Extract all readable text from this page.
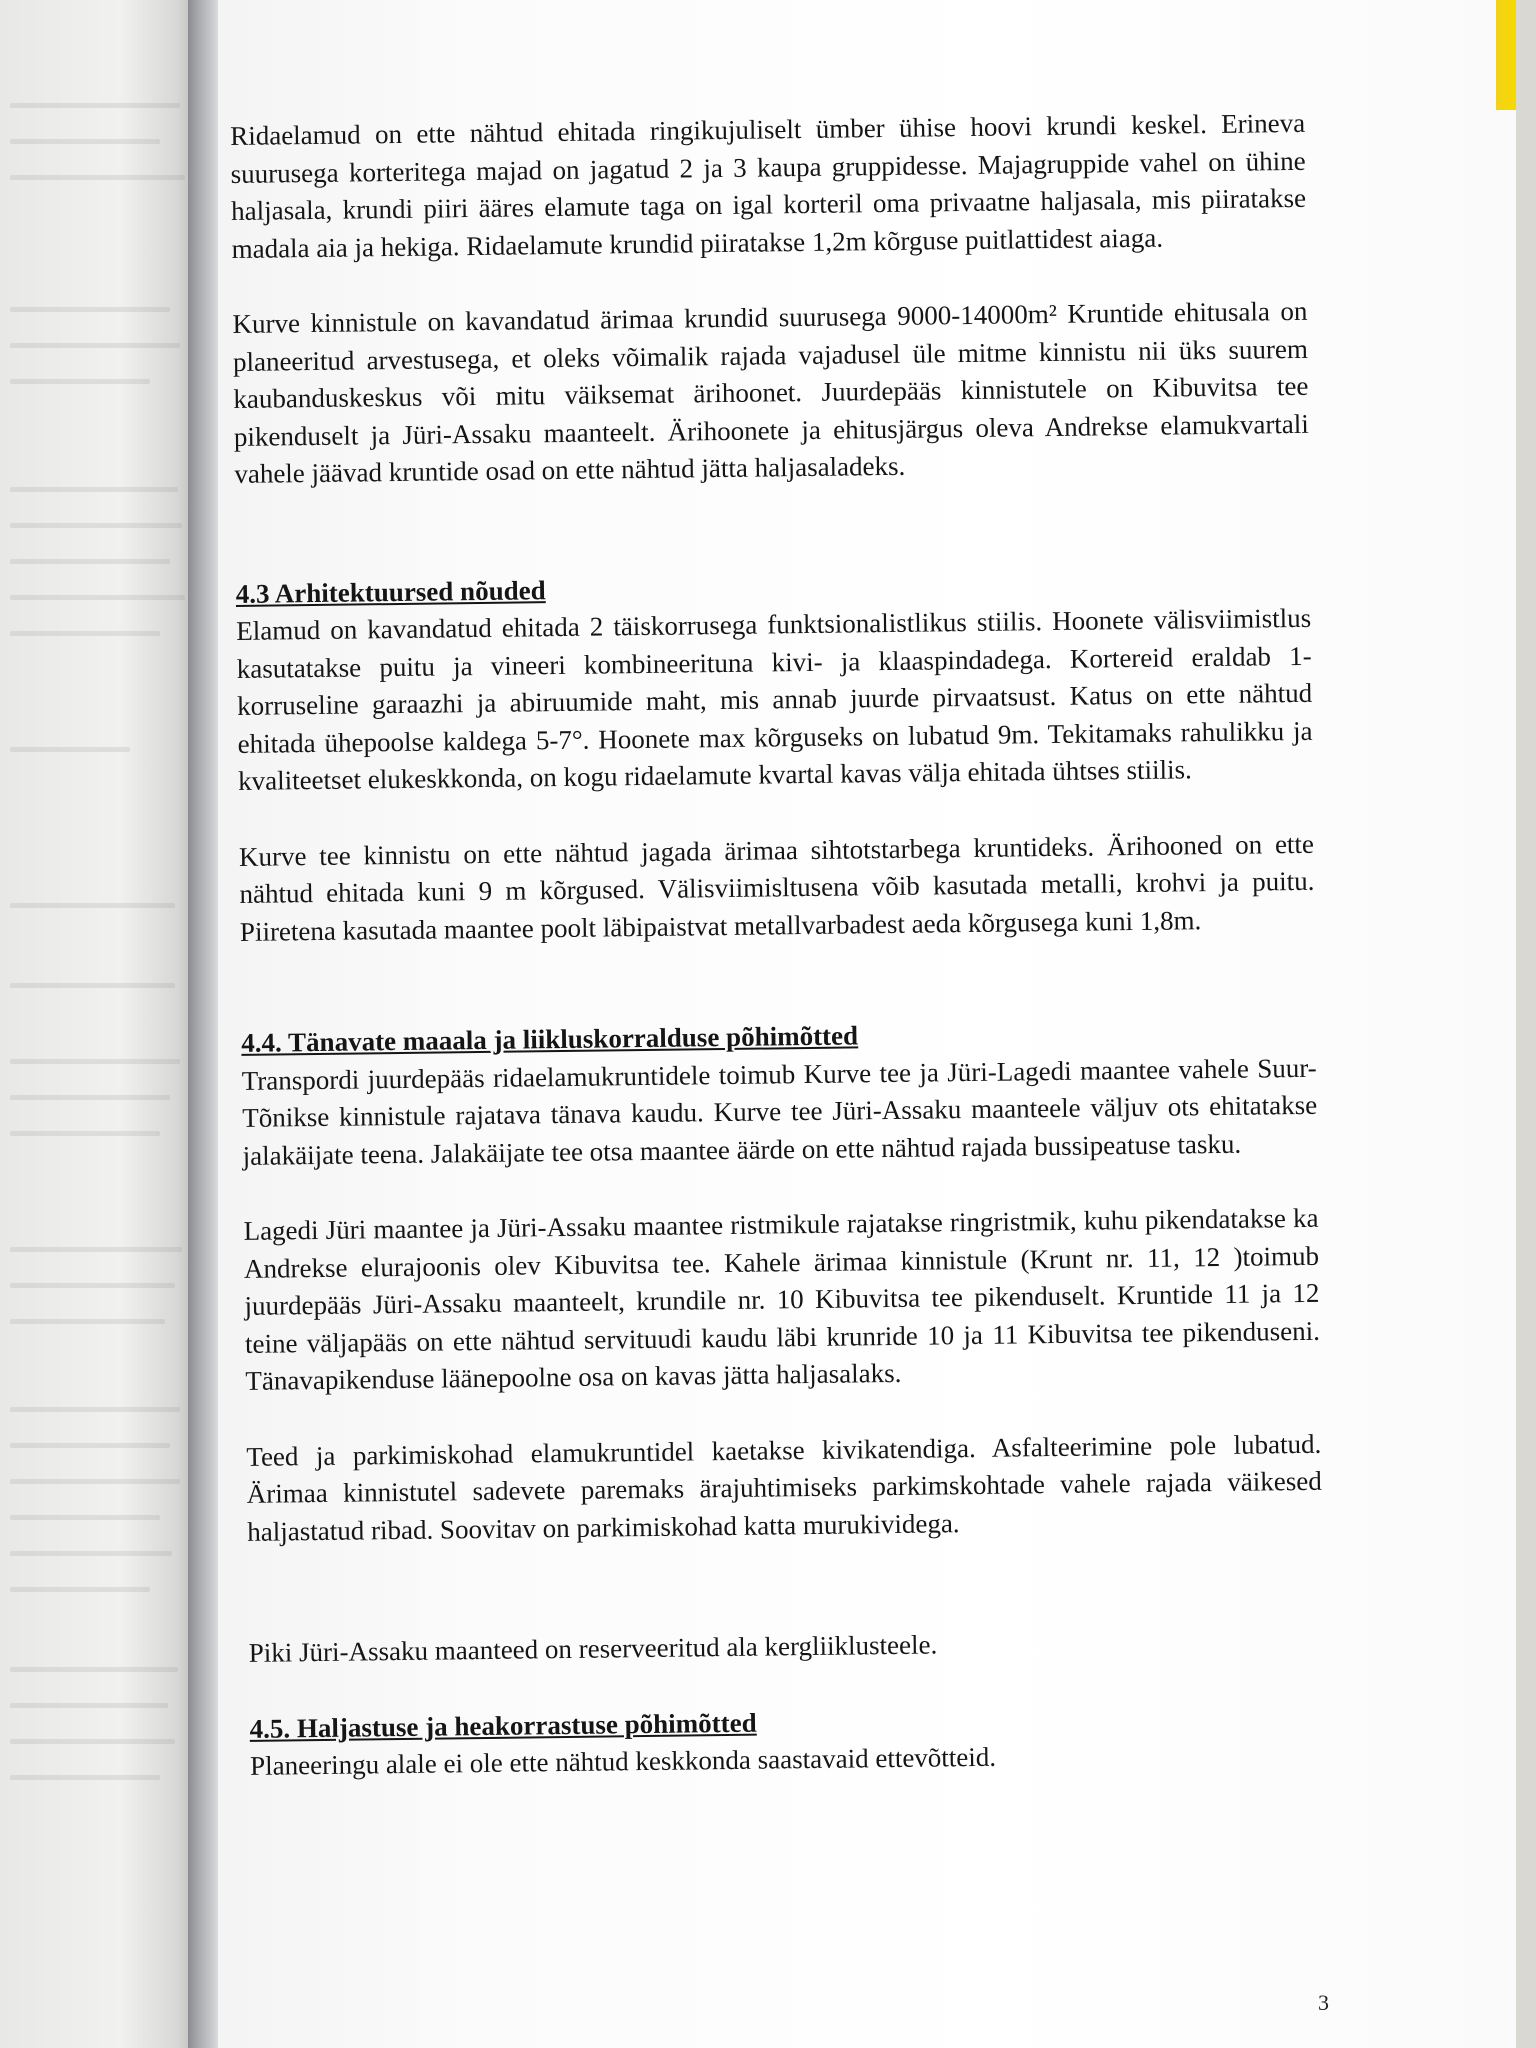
Ridaelamud on ette nähtud ehitada ringikujuliselt ümber ühise hoovi krundi keskel. Erineva suurusega korteritega majad on jagatud 2 ja 3 kaupa gruppidesse. Majagruppide vahel on ühine haljasala, krundi piiri ääres elamute taga on igal korteril oma privaatne haljasala, mis piiratakse madala aia ja hekiga. Ridaelamute krundid piiratakse 1,2m kõrguse puitlattidest aiaga.

Kurve kinnistule on kavandatud ärimaa krundid suurusega 9000-14000m² Kruntide ehitusala on planeeritud arvestusega, et oleks võimalik rajada vajadusel üle mitme kinnistu nii üks suurem kaubanduskeskus või mitu väiksemat ärihoonet. Juurdepääs kinnistutele on Kibuvitsa tee pikenduselt ja Jüri-Assaku maanteelt. Ärihoonete ja ehitusjärgus oleva Andrekse elamukvartali vahele jäävad kruntide osad on ette nähtud jätta haljasaladeks.

4.3 Arhitektuursed nõuded

Elamud on kavandatud ehitada 2 täiskorrusega funktsionalistlikus stiilis. Hoonete välisviimistlus kasutatakse puitu ja vineeri kombineerituna kivi- ja klaaspindadega. Kortereid eraldab 1-korruseline garaazhi ja abiruumide maht, mis annab juurde pirvaatsust. Katus on ette nähtud ehitada ühepoolse kaldega 5-7°. Hoonete max kõrguseks on lubatud 9m. Tekitamaks rahulikku ja kvaliteetset elukeskkonda, on kogu ridaelamute kvartal kavas välja ehitada ühtses stiilis.

Kurve tee kinnistu on ette nähtud jagada ärimaa sihtotstarbega kruntideks. Ärihooned on ette nähtud ehitada kuni 9 m kõrgused. Välisviimisltusena võib kasutada metalli, krohvi ja puitu. Piiretena kasutada maantee poolt läbipaistvat metallvarbadest aeda kõrgusega kuni 1,8m.

4.4. Tänavate maaala ja liikluskorralduse põhimõtted

Transpordi juurdepääs ridaelamukruntidele toimub Kurve tee ja Jüri-Lagedi maantee vahele Suur-Tõnikse kinnistule rajatava tänava kaudu. Kurve tee Jüri-Assaku maanteele väljuv ots ehitatakse jalakäijate teena. Jalakäijate tee otsa maantee äärde on ette nähtud rajada bussipeatuse tasku.

Lagedi Jüri maantee ja Jüri-Assaku maantee ristmikule rajatakse ringristmik, kuhu pikendatakse ka Andrekse elurajoonis olev Kibuvitsa tee. Kahele ärimaa kinnistule (Krunt nr. 11, 12 )toimub juurdepääs Jüri-Assaku maanteelt, krundile nr. 10 Kibuvitsa tee pikenduselt. Kruntide 11 ja 12 teine väljapääs on ette nähtud servituudi kaudu läbi krunride 10 ja 11 Kibuvitsa tee pikenduseni. Tänavapikenduse läänepoolne osa on kavas jätta haljasalaks.

Teed ja parkimiskohad elamukruntidel kaetakse kivikatendiga. Asfalteerimine pole lubatud. Ärimaa kinnistutel sadevete paremaks ärajuhtimiseks parkimskohtade vahele rajada väikesed haljastatud ribad. Soovitav on parkimiskohad katta murukividega.

Piki Jüri-Assaku maanteed on reserveeritud ala kergliiklusteele.

4.5. Haljastuse ja heakorrastuse põhimõtted

Planeeringu alale ei ole ette nähtud keskkonda saastavaid ettevõtteid.

3
